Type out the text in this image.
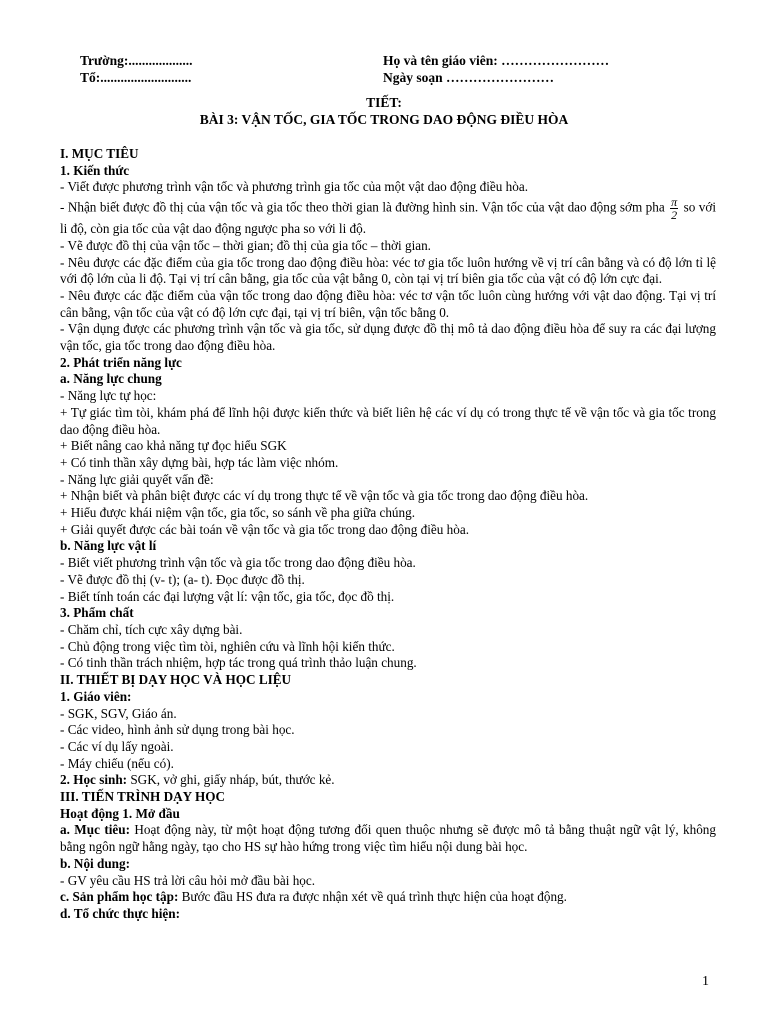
Trường:...................
Tổ:...........................
Họ và tên giáo viên: ……………………
Ngày soạn ……………………
TIẾT:
BÀI 3: VẬN TỐC, GIA TỐC TRONG DAO ĐỘNG ĐIỀU HÒA

I. MỤC TIÊU

1. Kiến thức

- Viết được phương trình vận tốc và phương trình gia tốc của một vật dao động điều hòa.

- Nhận biết được đồ thị của vận tốc và gia tốc theo thời gian là đường hình sin. Vận tốc của vật dao động sớm pha $\frac{\pi}{2}$ so với li độ, còn gia tốc của vật dao động ngược pha so với li độ.

- Vẽ được đồ thị của vận tốc – thời gian; đồ thị của gia tốc – thời gian.

- Nêu được các đặc điểm của gia tốc trong dao động điều hòa: véc tơ gia tốc luôn hướng về vị trí cân bằng và có độ lớn tỉ lệ với độ lớn của li độ. Tại vị trí cân bằng, gia tốc của vật bằng 0, còn tại vị trí biên gia tốc của vật có độ lớn cực đại.

- Nêu được các đặc điểm của vận tốc trong dao động điều hòa: véc tơ vận tốc luôn cùng hướng với vật dao động. Tại vị trí cân bằng, vận tốc của vật có độ lớn cực đại, tại vị trí biên, vận tốc bằng 0.

- Vận dụng được các phương trình vận tốc và gia tốc, sử dụng được đồ thị mô tả dao động điều hòa để suy ra các đại lượng vận tốc, gia tốc trong dao động điều hòa.

2. Phát triển năng lực

a. Năng lực chung

- Năng lực tự học:

+ Tự giác tìm tòi, khám phá để lĩnh hội được kiến thức và biết liên hệ các ví dụ có trong thực tế về vận tốc và gia tốc trong dao động điều hòa.

+ Biết nâng cao khả năng tự đọc hiểu SGK

+ Có tinh thần xây dựng bài, hợp tác làm việc nhóm.

- Năng lực giải quyết vấn đề:

+ Nhận biết và phân biệt được các ví dụ trong thực tế về vận tốc và gia tốc trong dao động điều hòa.

+ Hiểu được khái niệm vận tốc, gia tốc, so sánh về pha giữa chúng.

+ Giải quyết được các bài toán về vận tốc và gia tốc trong dao động điều hòa.

b. Năng lực vật lí

- Biết viết phương trình vận tốc và gia tốc trong dao động điều hòa.

- Vẽ được đồ thị (v- t); (a- t). Đọc được đồ thị.

- Biết tính toán các đại lượng vật lí: vận tốc, gia tốc, đọc đồ thị.

3. Phẩm chất

- Chăm chỉ, tích cực xây dựng bài.

- Chủ động trong việc tìm tòi, nghiên cứu và lĩnh hội kiến thức.

- Có tinh thần trách nhiệm, hợp tác trong quá trình thảo luận chung.

II. THIẾT BỊ DẠY HỌC VÀ HỌC LIỆU

1. Giáo viên:

- SGK, SGV, Giáo án.

- Các video, hình ảnh sử dụng trong bài học.

- Các ví dụ lấy ngoài.

- Máy chiếu (nếu có).

2. Học sinh: SGK, vở ghi, giấy nháp, bút, thước kẻ.

III. TIẾN TRÌNH DẠY HỌC

Hoạt động 1. Mở đầu

a. Mục tiêu: Hoạt động này, từ một hoạt động tương đối quen thuộc nhưng sẽ được mô tả bằng thuật ngữ vật lý, không bằng ngôn ngữ hằng ngày, tạo cho HS sự hào hứng trong việc tìm hiểu nội dung bài học.

b. Nội dung:

- GV yêu cầu HS trả lời câu hỏi mở đầu bài học.

c. Sản phẩm học tập: Bước đầu HS đưa ra được nhận xét về quá trình thực hiện của hoạt động.

d. Tổ chức thực hiện:

1
